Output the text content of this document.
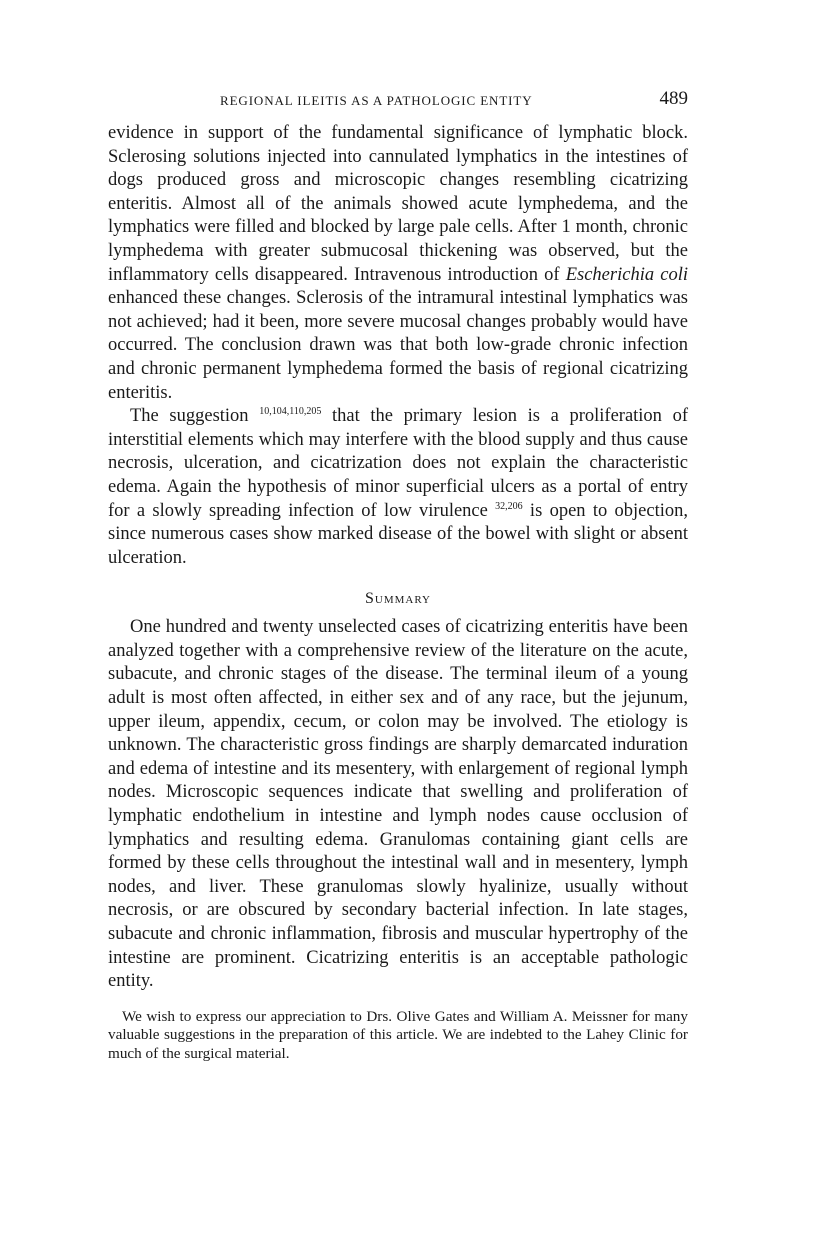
REGIONAL ILEITIS AS A PATHOLOGIC ENTITY	489

evidence in support of the fundamental significance of lymphatic block. Sclerosing solutions injected into cannulated lymphatics in the intestines of dogs produced gross and microscopic changes resembling cicatrizing enteritis. Almost all of the animals showed acute lymphedema, and the lymphatics were filled and blocked by large pale cells. After 1 month, chronic lymphedema with greater submucosal thickening was observed, but the inflammatory cells disappeared. Intravenous introduction of Escherichia coli enhanced these changes. Sclerosis of the intramural intestinal lymphatics was not achieved; had it been, more severe mucosal changes probably would have occurred. The conclusion drawn was that both low-grade chronic infection and chronic permanent lymphedema formed the basis of regional cicatrizing enteritis.

The suggestion $^{10,104,110,205}$ that the primary lesion is a proliferation of interstitial elements which may interfere with the blood supply and thus cause necrosis, ulceration, and cicatrization does not explain the characteristic edema. Again the hypothesis of minor superficial ulcers as a portal of entry for a slowly spreading infection of low virulence $^{32,206}$ is open to objection, since numerous cases show marked disease of the bowel with slight or absent ulceration.

Summary

One hundred and twenty unselected cases of cicatrizing enteritis have been analyzed together with a comprehensive review of the literature on the acute, subacute, and chronic stages of the disease. The terminal ileum of a young adult is most often affected, in either sex and of any race, but the jejunum, upper ileum, appendix, cecum, or colon may be involved. The etiology is unknown. The characteristic gross findings are sharply demarcated induration and edema of intestine and its mesentery, with enlargement of regional lymph nodes. Microscopic sequences indicate that swelling and proliferation of lymphatic endothelium in intestine and lymph nodes cause occlusion of lymphatics and resulting edema. Granulomas containing giant cells are formed by these cells throughout the intestinal wall and in mesentery, lymph nodes, and liver. These granulomas slowly hyalinize, usually without necrosis, or are obscured by secondary bacterial infection. In late stages, subacute and chronic inflammation, fibrosis and muscular hypertrophy of the intestine are prominent. Cicatrizing enteritis is an acceptable pathologic entity.

We wish to express our appreciation to Drs. Olive Gates and William A. Meissner for many valuable suggestions in the preparation of this article. We are indebted to the Lahey Clinic for much of the surgical material.
